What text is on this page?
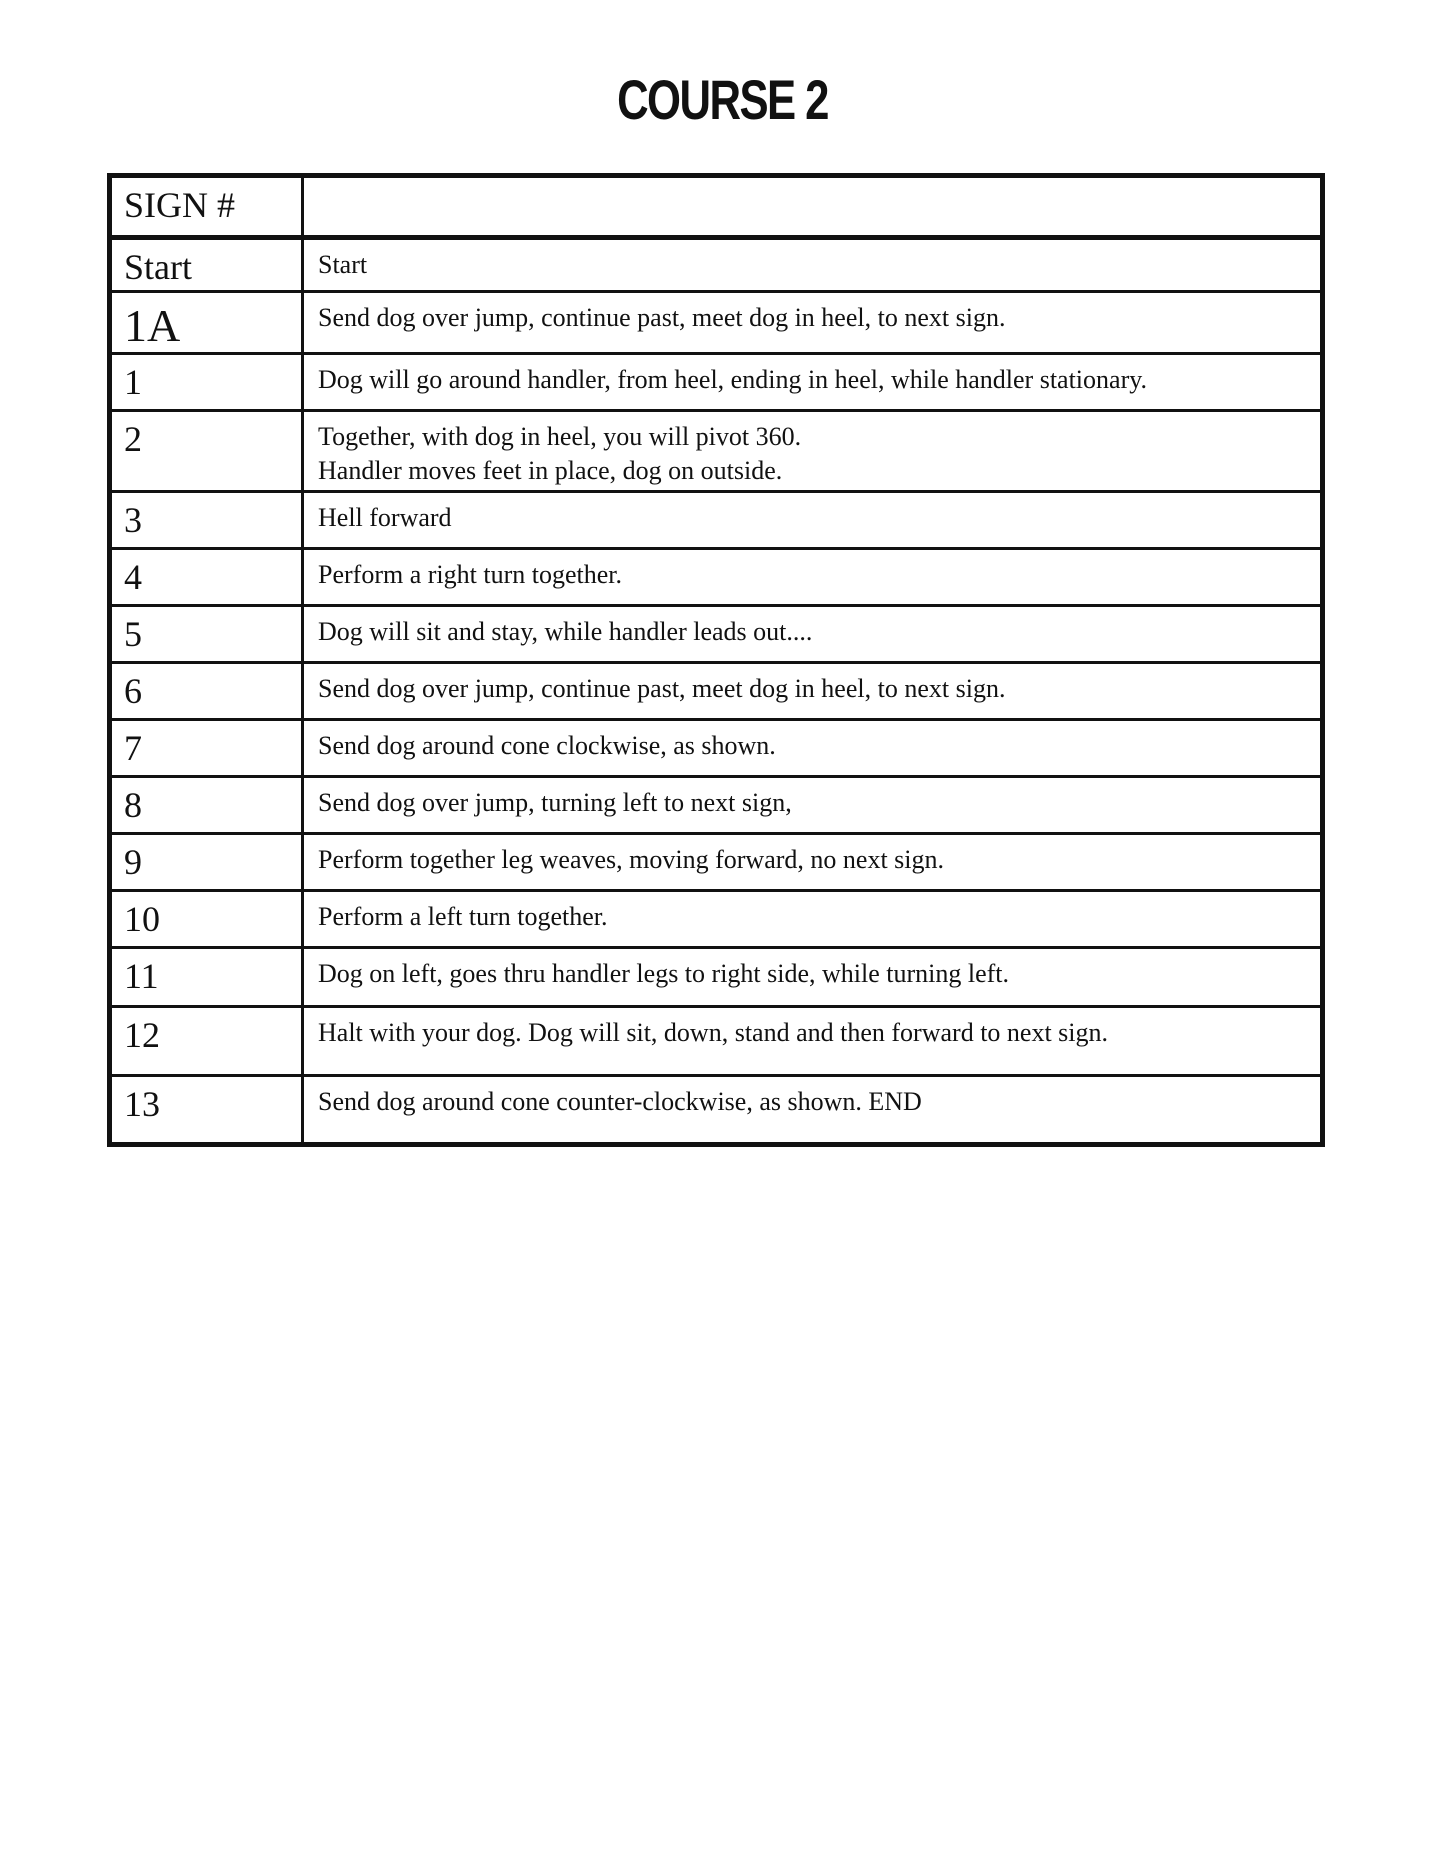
COURSE 2
SIGN #	
Start	Start

1A	Send dog over jump, continue past, meet dog in heel, to next sign.

1	Dog will go around handler, from heel, ending in heel, while handler stationary.

2	Together, with dog in heel, you will pivot 360.
Handler moves feet in place, dog on outside.

3	Hell forward

4	Perform a right turn together.

5	Dog will sit and stay, while handler leads out....

6	Send dog over jump, continue past, meet dog in heel, to next sign.

7	Send dog around cone clockwise, as shown.

8	Send dog over jump, turning left to next sign,

9	Perform together leg weaves, moving forward, no next sign.

10	Perform a left turn together.

11	Dog on left, goes thru handler legs to right side, while turning left.

12	Halt with your dog. Dog will sit, down, stand and then forward to next sign.

13	Send dog around cone counter-clockwise, as shown. END
